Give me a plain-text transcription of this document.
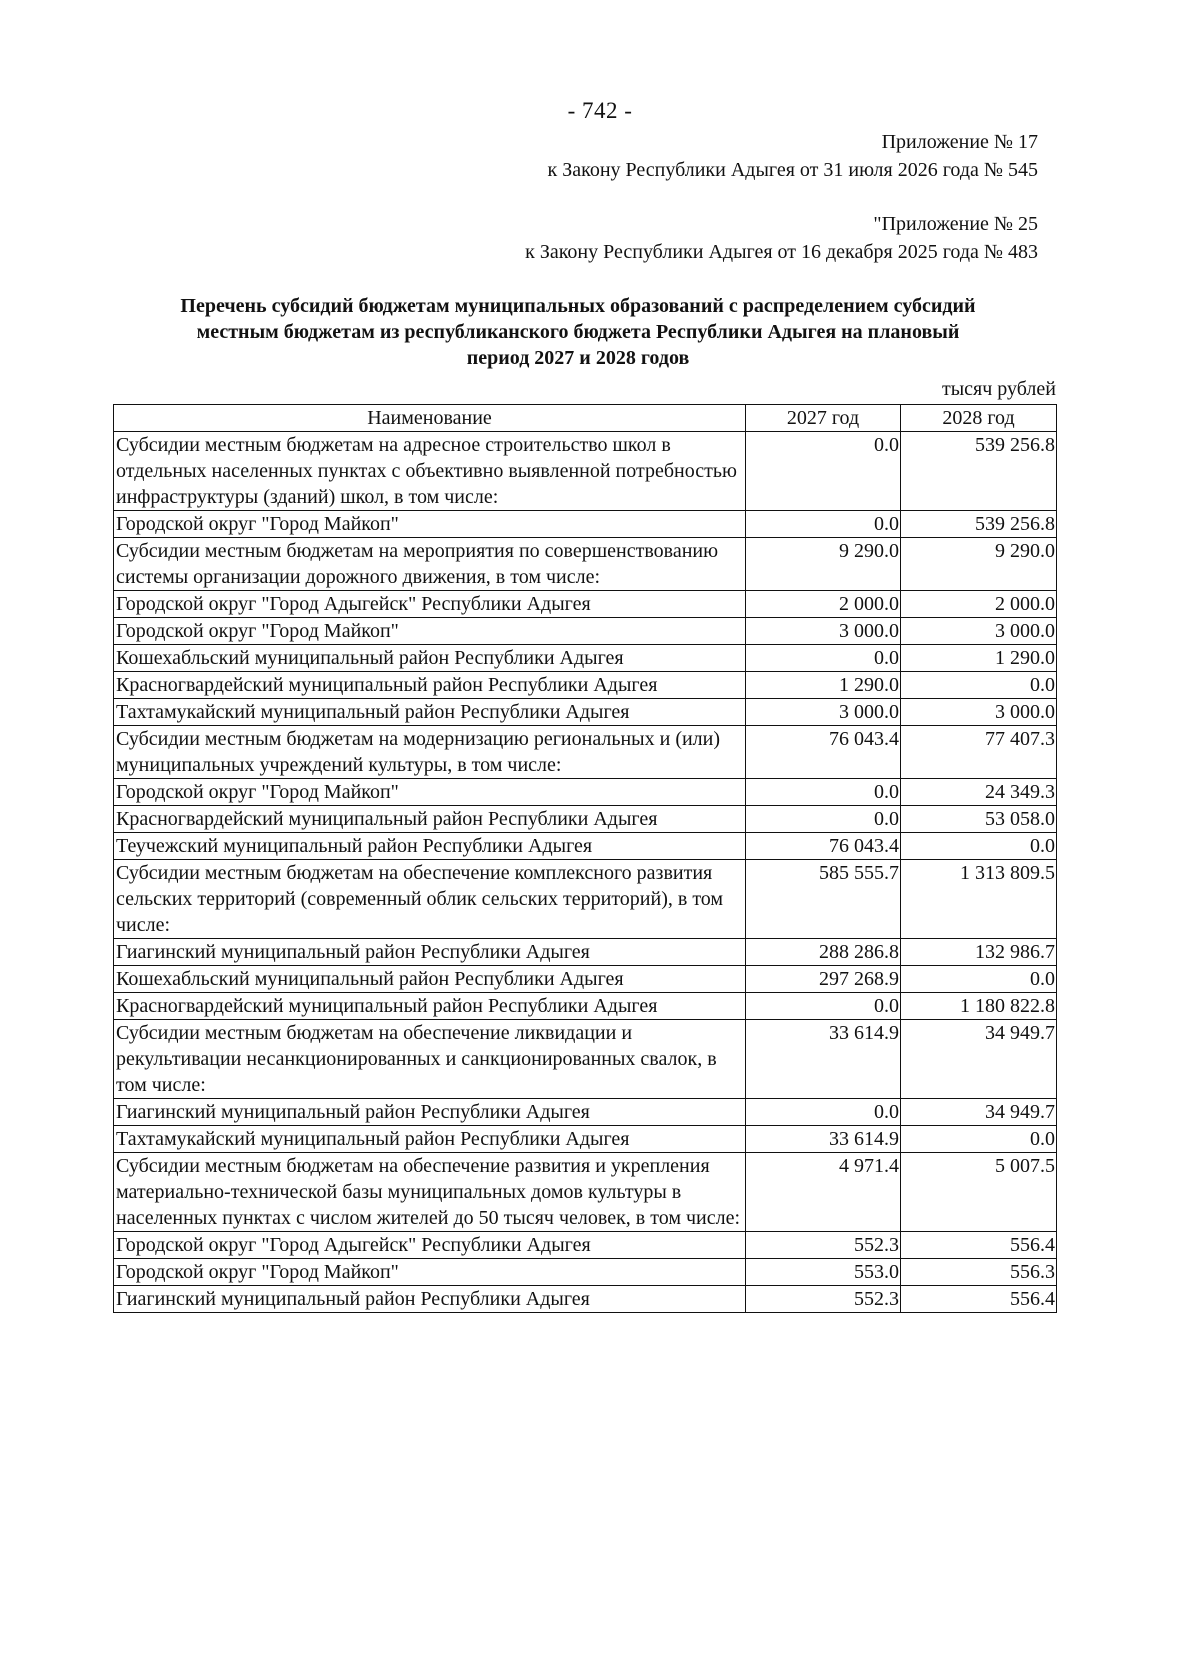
- 742 -
Приложение № 17
к Закону Республики Адыгея от 31 июля 2026 года № 545
"Приложение № 25
к Закону Республики Адыгея от 16 декабря 2025 года № 483
Перечень субсидий бюджетам муниципальных образований с распределением субсидий
местным бюджетам из республиканского бюджета Республики Адыгея на плановый
период 2027 и 2028 годов
тысяч рублей
Наименование	2027 год	2028 год
Субсидии местным бюджетам на адресное строительство школ в отдельных населенных пунктах с объективно выявленной потребностью инфраструктуры (зданий) школ, в том числе:	0.0	539 256.8
Городской округ "Город Майкоп"	0.0	539 256.8
Субсидии местным бюджетам на мероприятия по совершенствованию системы организации дорожного движения, в том числе:	9 290.0	9 290.0
Городской округ "Город Адыгейск" Республики Адыгея	2 000.0	2 000.0
Городской округ "Город Майкоп"	3 000.0	3 000.0
Кошехабльский муниципальный район Республики Адыгея	0.0	1 290.0
Красногвардейский муниципальный район Республики Адыгея	1 290.0	0.0
Тахтамукайский муниципальный район Республики Адыгея	3 000.0	3 000.0
Субсидии местным бюджетам на модернизацию региональных и (или) муниципальных учреждений культуры, в том числе:	76 043.4	77 407.3
Городской округ "Город Майкоп"	0.0	24 349.3
Красногвардейский муниципальный район Республики Адыгея	0.0	53 058.0
Теучежский муниципальный район Республики Адыгея	76 043.4	0.0
Субсидии местным бюджетам на обеспечение комплексного развития сельских территорий (современный облик сельских территорий), в том числе:	585 555.7	1 313 809.5
Гиагинский муниципальный район Республики Адыгея	288 286.8	132 986.7
Кошехабльский муниципальный район Республики Адыгея	297 268.9	0.0
Красногвардейский муниципальный район Республики Адыгея	0.0	1 180 822.8
Субсидии местным бюджетам на обеспечение ликвидации и рекультивации несанкционированных и санкционированных свалок, в том числе:	33 614.9	34 949.7
Гиагинский муниципальный район Республики Адыгея	0.0	34 949.7
Тахтамукайский муниципальный район Республики Адыгея	33 614.9	0.0
Субсидии местным бюджетам на обеспечение развития и укрепления материально-технической базы муниципальных домов культуры в населенных пунктах с числом жителей до 50 тысяч человек, в том числе:	4 971.4	5 007.5
Городской округ "Город Адыгейск" Республики Адыгея	552.3	556.4
Городской округ "Город Майкоп"	553.0	556.3
Гиагинский муниципальный район Республики Адыгея	552.3	556.4
